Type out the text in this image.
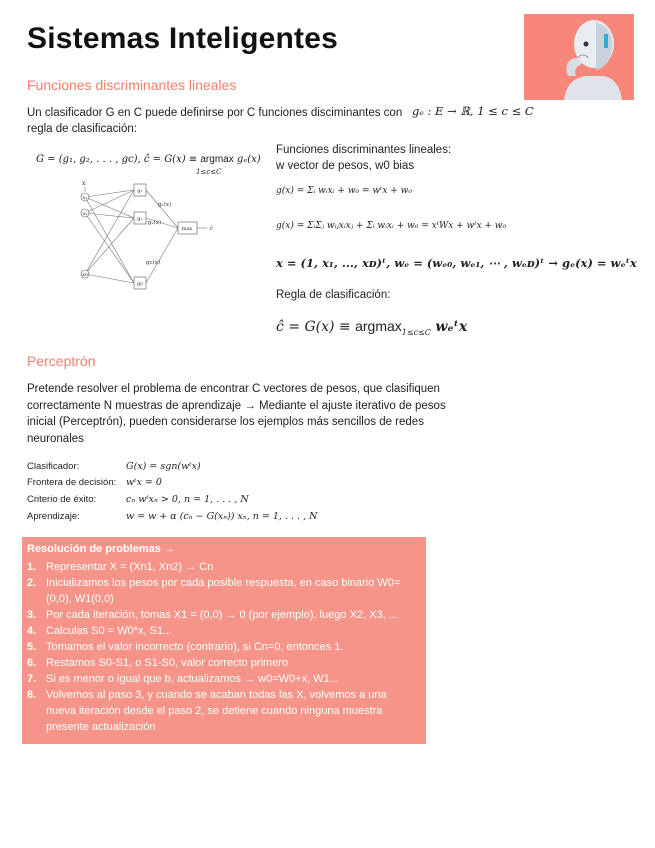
Sistemas Inteligentes
Funciones discriminantes lineales
Un clasificador G en C puede definirse por C funciones disciminantes con regla de clasificación:
gₑ : E → ℝ, 1 ≤ c ≤ C
G = (g₁, g₂, . . . , gᴄ), ĉ = G(x) ≡ argmax gₑ(x)
1≤c≤C
x
x₁
x₂
xᴅ
g₁
g₂
gᴄ
max
g₁(x)
g₂(x)
gᴄ(x)
ĉ
Funciones discriminantes lineales:
w vector de pesos, w0 bias
g(x) = Σᵢ wᵢxᵢ + w₀ = wᵗx + w₀
g(x) = ΣᵢΣⱼ wᵢⱼxᵢxⱼ + Σᵢ wᵢxᵢ + w₀ = xᵗWx + wᵗx + w₀
x = (1, x₁, ..., xᴅ)ᵗ, wₑ = (wₑ₀, wₑ₁, ⋯ , wₑᴅ)ᵗ → gₑ(x) = wₑᵗx
Regla de clasificación:
ĉ = G(x) ≡ argmax$_{1\le c\le C}$ wₑᵗx
Perceptrón
Pretende resolver el problema de encontrar C vectores de pesos, que clasifiquen correctamente N muestras de aprendizaje → Mediante el ajuste iterativo de pesos inicial (Perceptrón), pueden considerarse los ejemplos más sencillos de redes neuronales
Clasificador:	G(x) = sgn(wᵗx)
Frontera de decisión: wᵗx = 0
Criterio de éxito:	cₙ wᵗxₙ > 0, n = 1, . . . , N
Aprendizaje:	w = w + α (cₙ − G(xₙ)) xₙ, n = 1, . . . , N
Resolución de problemas →
1. Representar X = (Xn1, Xn2) → Cn
2. Inicializamos los pesos por cada posible respuesta, en caso binario W0=(0,0), W1(0,0)
3. Por cada iteración, tomas X1 = (0,0) → 0 (por ejemplo), luego X2, X3, ...
4. Calculas S0 = W0*x, S1...
5. Tomamos el valor incorrecto (contrario), si Cn=0, entonces 1.
6. Restamos S0-S1, o S1-S0, valor correcto primero
7. Si es menor o igual que b, actualizamos → w0=W0+x, W1...
8. Volvemos al paso 3, y cuando se acaban todas las X, volvemos a una nueva iteración desde el paso 2, se detiene cuando ninguna muestra presente actualización
